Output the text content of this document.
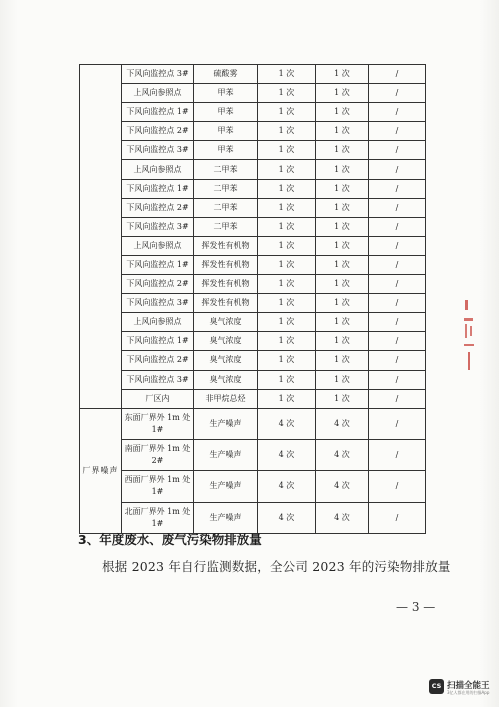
	下风向监控点 3#	硫酸雾	1 次	1 次	/
	上风向参照点	甲苯	1 次	1 次	/
	下风向监控点 1#	甲苯	1 次	1 次	/
	下风向监控点 2#	甲苯	1 次	1 次	/
	下风向监控点 3#	甲苯	1 次	1 次	/
	上风向参照点	二甲苯	1 次	1 次	/
	下风向监控点 1#	二甲苯	1 次	1 次	/
	下风向监控点 2#	二甲苯	1 次	1 次	/
	下风向监控点 3#	二甲苯	1 次	1 次	/
	上风向参照点	挥发性有机物	1 次	1 次	/
	下风向监控点 1#	挥发性有机物	1 次	1 次	/
	下风向监控点 2#	挥发性有机物	1 次	1 次	/
	下风向监控点 3#	挥发性有机物	1 次	1 次	/
	上风向参照点	臭气浓度	1 次	1 次	/
	下风向监控点 1#	臭气浓度	1 次	1 次	/
	下风向监控点 2#	臭气浓度	1 次	1 次	/
	下风向监控点 3#	臭气浓度	1 次	1 次	/
	厂区内	非甲烷总烃	1 次	1 次	/
厂界噪声	东面厂界外 1m 处 1#	生产噪声	4 次	4 次	/
	南面厂界外 1m 处 2#	生产噪声	4 次	4 次	/
	西面厂界外 1m 处 1#	生产噪声	4 次	4 次	/
	北面厂界外 1m 处 1#	生产噪声	4 次	4 次	/
3、年度废水、废气污染物排放量
根据 2023 年自行监测数据，全公司 2023 年的污染物排放量
— 3 —
CS 扫描全能王
3亿人都在用的扫描App
